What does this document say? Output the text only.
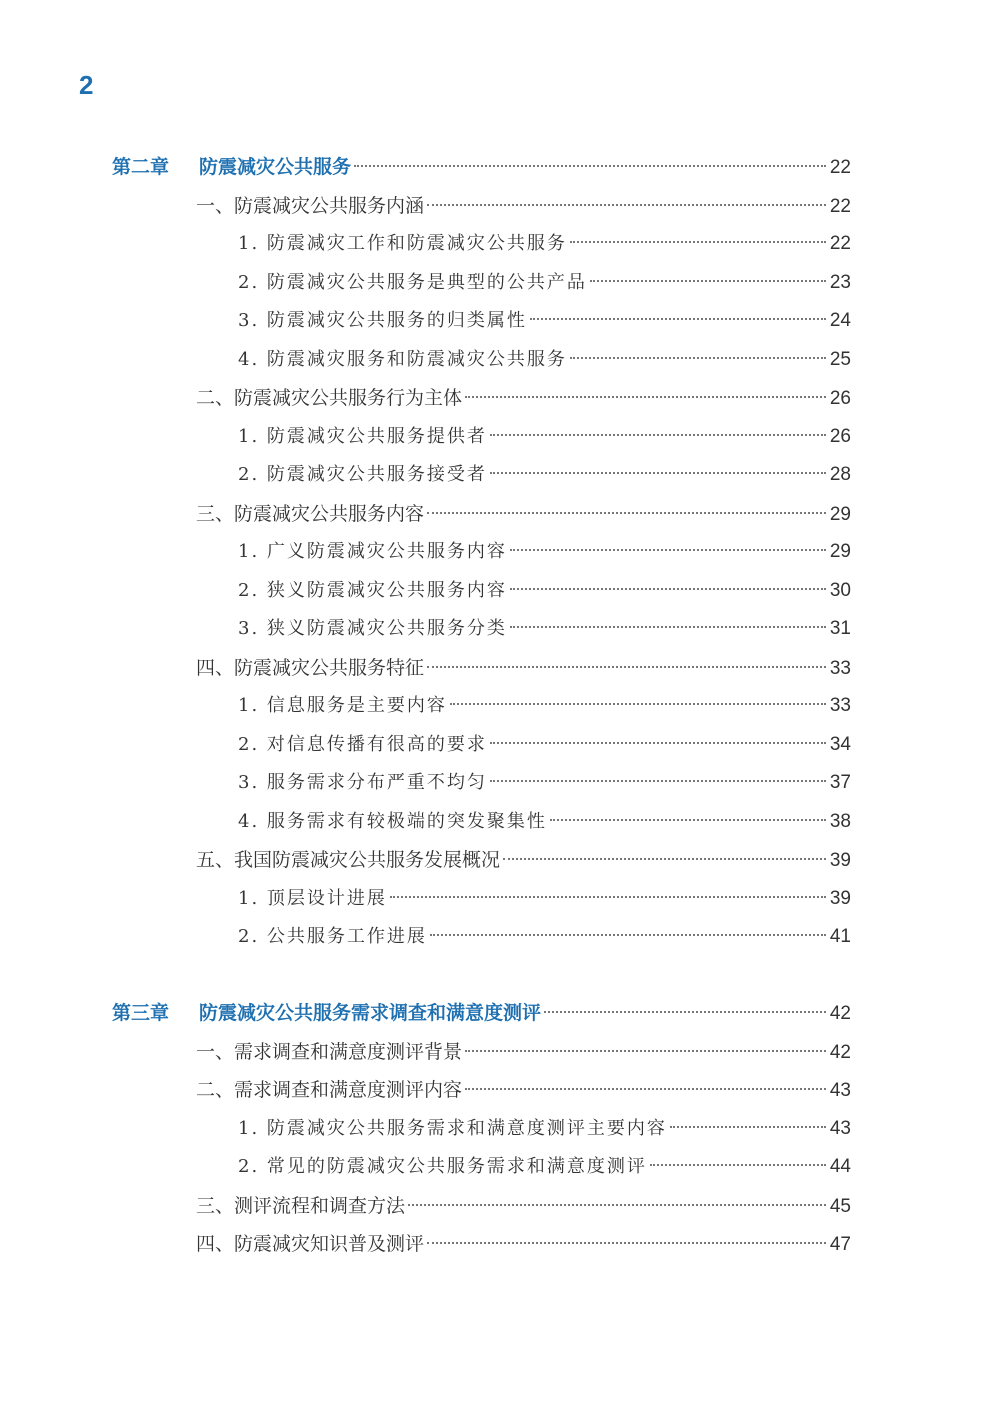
2
第二章	防震减灾公共服务	22
一、防震减灾公共服务内涵	22
1. 防震减灾工作和防震减灾公共服务	22
2. 防震减灾公共服务是典型的公共产品	23
3. 防震减灾公共服务的归类属性	24
4. 防震减灾服务和防震减灾公共服务	25
二、防震减灾公共服务行为主体	26
1. 防震减灾公共服务提供者	26
2. 防震减灾公共服务接受者	28
三、防震减灾公共服务内容	29
1. 广义防震减灾公共服务内容	29
2. 狭义防震减灾公共服务内容	30
3. 狭义防震减灾公共服务分类	31
四、防震减灾公共服务特征	33
1. 信息服务是主要内容	33
2. 对信息传播有很高的要求	34
3. 服务需求分布严重不均匀	37
4. 服务需求有较极端的突发聚集性	38
五、我国防震减灾公共服务发展概况	39
1. 顶层设计进展	39
2. 公共服务工作进展	41
第三章	防震减灾公共服务需求调查和满意度测评	42
一、需求调查和满意度测评背景	42
二、需求调查和满意度测评内容	43
1. 防震减灾公共服务需求和满意度测评主要内容	43
2. 常见的防震减灾公共服务需求和满意度测评	44
三、测评流程和调查方法	45
四、防震减灾知识普及测评	47
